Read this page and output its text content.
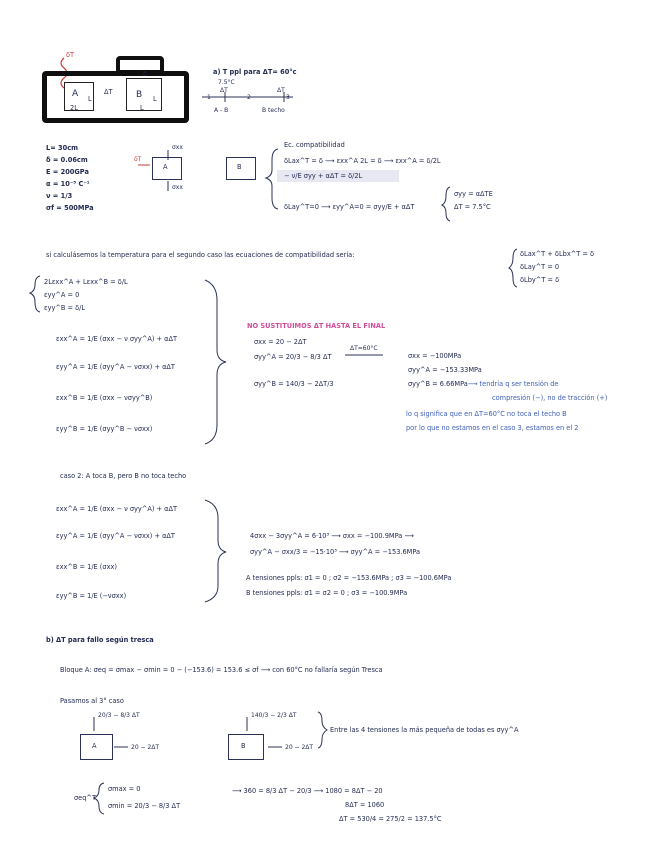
A L
2L
ΔT	B L
L
δ
δT
a) T ppl para ΔT= 60°c
7.5°C
ΔT	ΔT
1	2	3
A - B	B techo
L= 30cm
δ = 0.06cm
E = 200GPa
α = 10⁻⁵ C⁻¹
ν = 1/3
σf = 500MPa
A
σxx
σxx
δT
B
Ec. compatibilidad
δLax^T = δ ⟶ εxx^A 2L = δ ⟶ εxx^A = δ/2L
− ν/E σyy + αΔT = δ/2L
δLay^T=0 ⟶ εyy^A=0 = σyy/E + αΔT
σyy = αΔTE
ΔT = 7.5°C
si calculásemos la temperatura para el segundo caso las ecuaciones de compatibilidad sería:	δLax^T + δLbx^T = δ
δLay^T = 0
δLby^T = δ
2Lεxx^A + Lεxx^B = δ/L
εyy^A = 0
εyy^B = δ/L
εxx^A = 1/E (σxx − ν σyy^A) + αΔT
εyy^A = 1/E (σyy^A − νσxx) + αΔT
εxx^B = 1/E (σxx − νσyy^B)
εyy^B = 1/E (σyy^B − νσxx)
NO SUSTITUIMOS ΔT HASTA EL FINAL
σxx = 20 − 2ΔT
σyy^A = 20/3 − 8/3 ΔT
σyy^B = 140/3 − 2ΔT/3
ΔT=60°C
σxx = −100MPa
σyy^A = −153.33MPa
σyy^B = 6.66MPa ⟶ tendría q ser tensión de
compresión (−), no de tracción (+)
lo q significa que en ΔT=60°C no toca el techo B
por lo que no estamos en el caso 3, estamos en el 2
caso 2: A toca B, pero B no toca techo
εxx^A = 1/E (σxx − ν σyy^A) + αΔT
εyy^A = 1/E (σyy^A − νσxx) + αΔT
εxx^B = 1/E (σxx)
εyy^B = 1/E (−νσxx)
4σxx − 3σyy^A = 6·10³ ⟶ σxx = −100.9MPa ⟶
σyy^A − σxx/3 = −15·10³ ⟶ σyy^A = −153.6MPa
A tensiones ppls: σ1 = 0 ; σ2 = −153.6MPa ; σ3 = −100.6MPa
B tensiones ppls: σ1 = σ2 = 0 ; σ3 = −100.9MPa
b) ΔT para fallo según tresca
Bloque A: σeq = σmax − σmin = 0 − (−153.6) = 153.6 ≤ σf ⟶ con 60°C no fallaría según Tresca
Pasamos al 3° caso
20/3 − 8/3 ΔT
A	20 − 2ΔT
140/3 − 2/3 ΔT
B	20 − 2ΔT
Entre las 4 tensiones la más pequeña de todas es σyy^A
σeq^T
σmax = 0
σmin = 20/3 − 8/3 ΔT
⟶ 360 = 8/3 ΔT − 20/3 ⟶ 1080 = 8ΔT − 20
8ΔT = 1060
ΔT = 530/4 = 275/2 = 137.5°C
